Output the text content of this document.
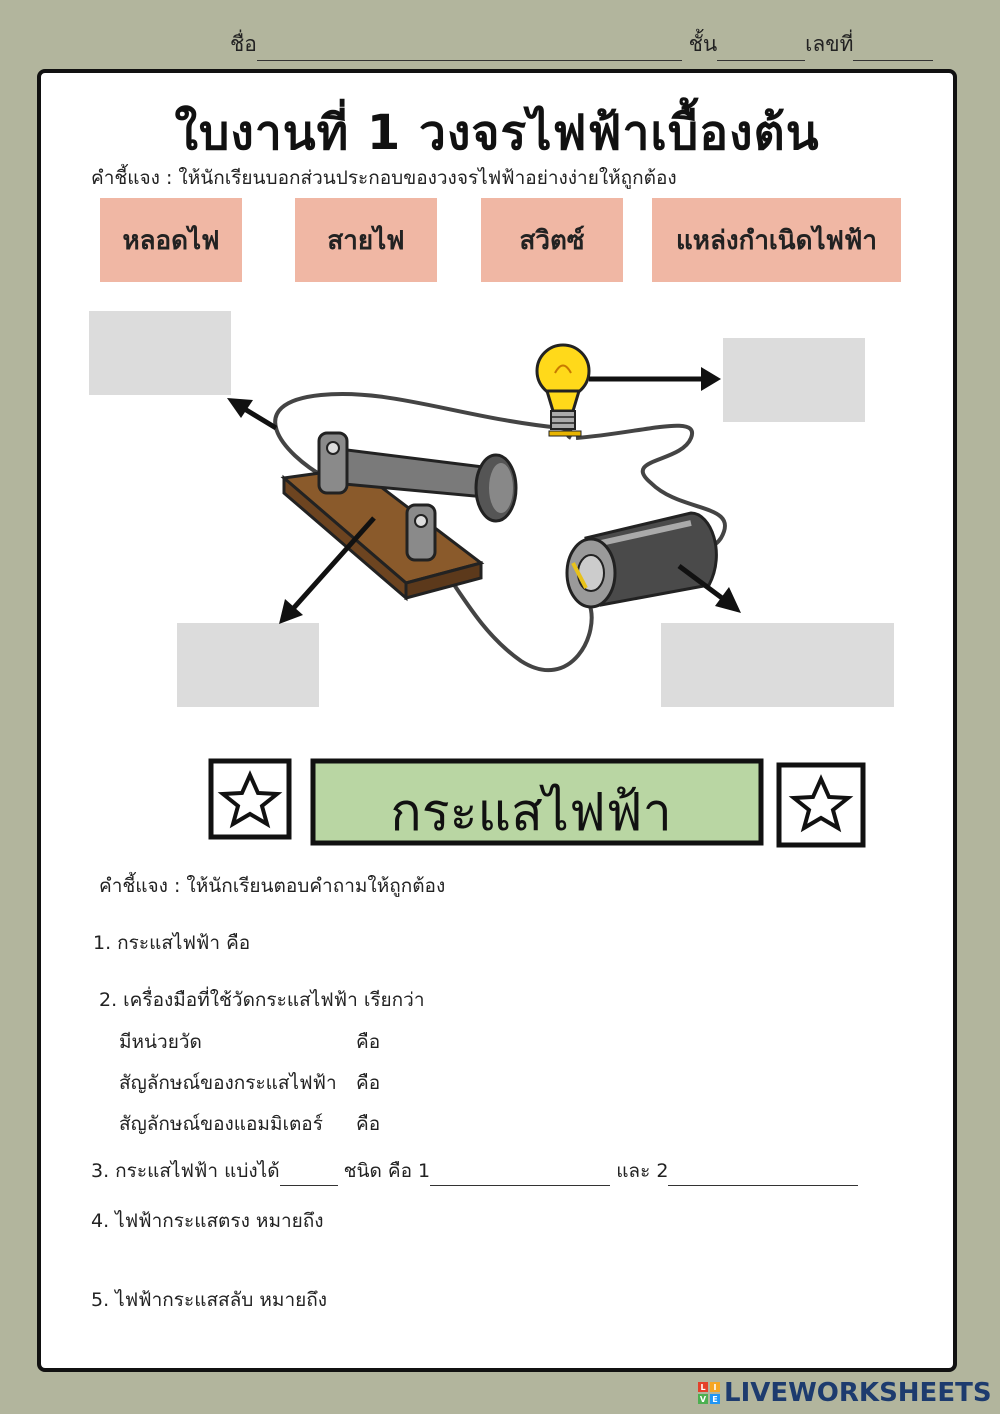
ชื่อ	ชั้น	เลขที่
ใบงานที่ 1 วงจรไฟฟ้าเบื้องต้น
คำชี้แจง : ให้นักเรียนบอกส่วนประกอบของวงจรไฟฟ้าอย่างง่ายให้ถูกต้อง
หลอดไฟ	สายไฟ	สวิตซ์	แหล่งกำเนิดไฟฟ้า
กระแสไฟฟ้า
คำชี้แจง : ให้นักเรียนตอบคำถามให้ถูกต้อง
1. กระแสไฟฟ้า คือ
2. เครื่องมือที่ใช้วัดกระแสไฟฟ้า เรียกว่า
มีหน่วยวัด	คือ
สัญลักษณ์ของกระแสไฟฟ้า คือ
สัญลักษณ์ของแอมมิเตอร์ คือ
3. กระแสไฟฟ้า แบ่งได้	ชนิด คือ 1	และ 2
4. ไฟฟ้ากระแสตรง หมายถึง
5. ไฟฟ้ากระแสสลับ หมายถึง
L I
V E LIVEWORKSHEETS
